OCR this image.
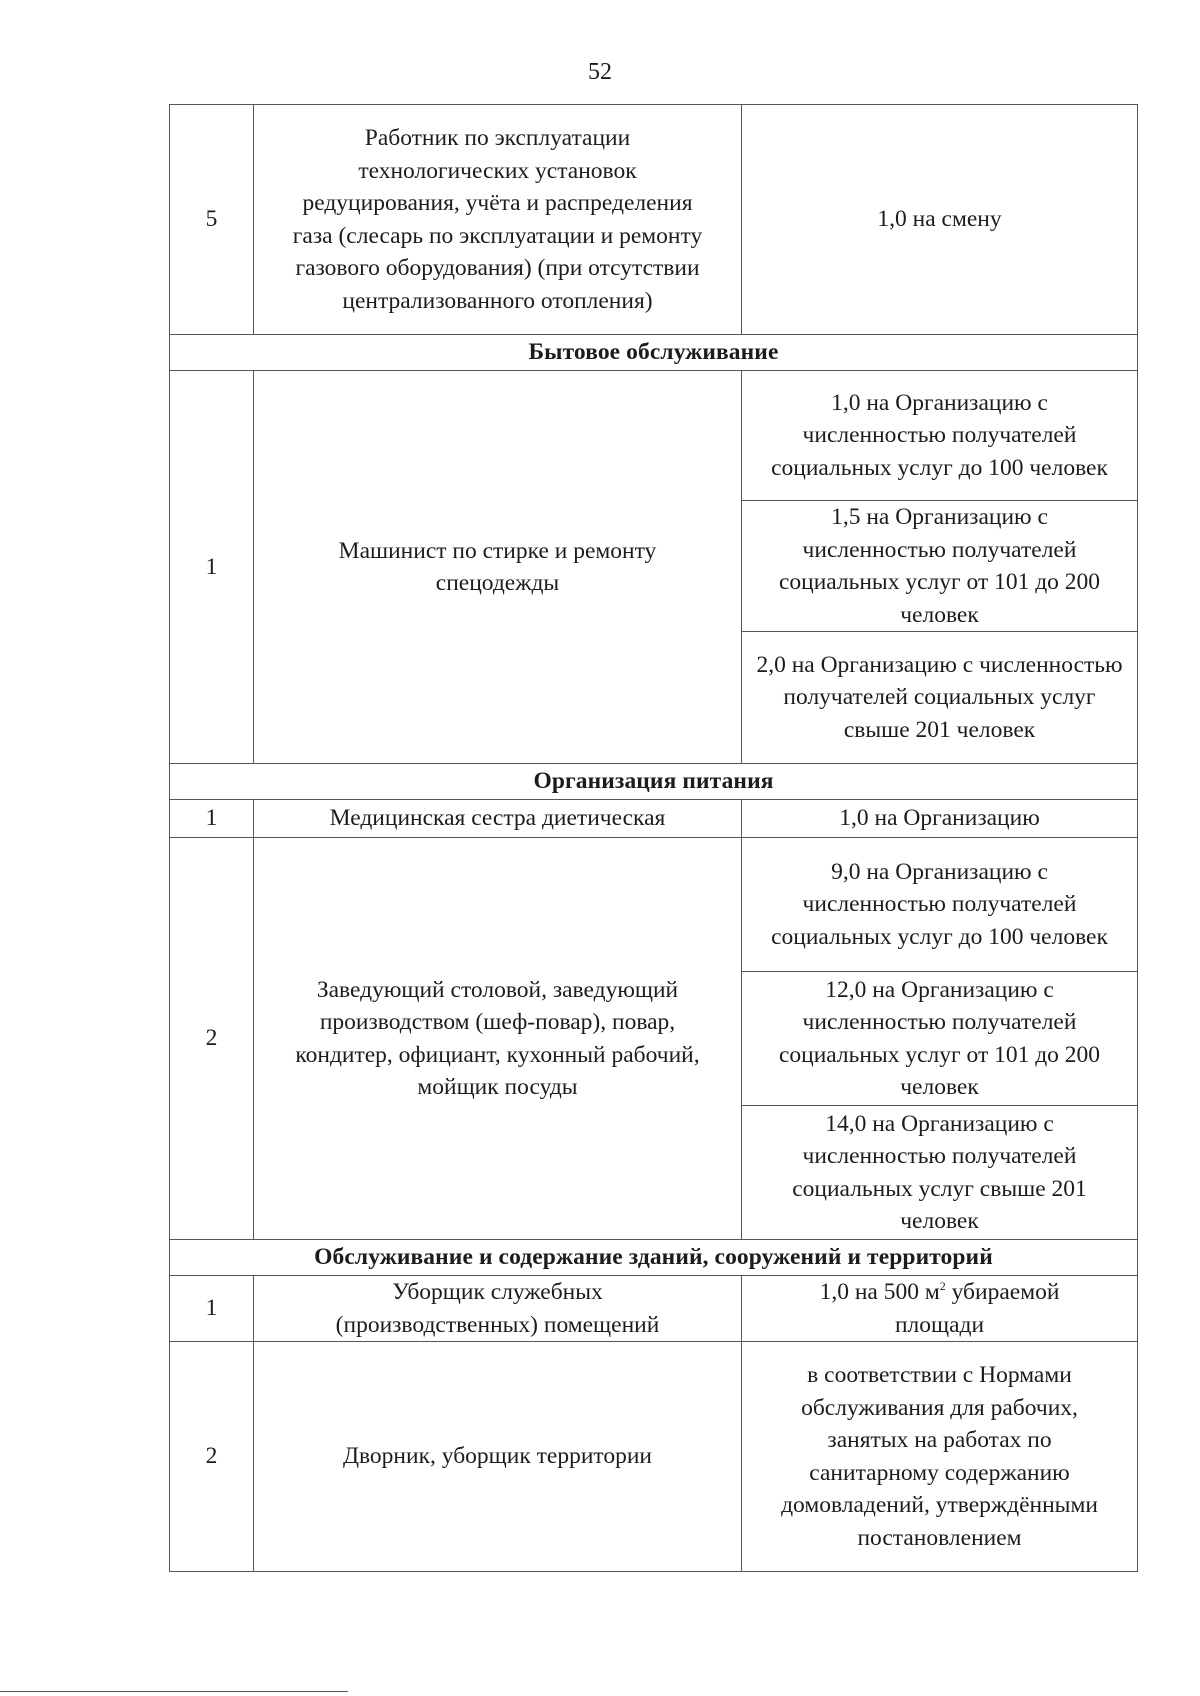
52
5	Работник по эксплуатации технологических установок редуцирования, учёта и распределения газа (слесарь по эксплуатации и ремонту газового оборудования) (при отсутствии централизованного отопления)	1,0 на смену
Бытовое обслуживание		
1	Машинист по стирке и ремонту спецодежды	1,0 на Организацию с численностью получателей социальных услуг до 100 человек
		1,5 на Организацию с численностью получателей социальных услуг от 101 до 200 человек
		2,0 на Организацию с численностью получателей социальных услуг свыше 201 человек
Организация питания		
1	Медицинская сестра диетическая	1,0 на Организацию
2	Заведующий столовой, заведующий производством (шеф-повар), повар, кондитер, официант, кухонный рабочий, мойщик посуды	9,0 на Организацию с численностью получателей социальных услуг до 100 человек
		12,0 на Организацию с численностью получателей социальных услуг от 101 до 200 человек
		14,0 на Организацию с численностью получателей социальных услуг свыше 201 человек
Обслуживание и содержание зданий, сооружений и территорий		
1	Уборщик служебных (производственных) помещений	1,0 на 500 $м^2$ убираемой площади
2	Дворник, уборщик территории	в соответствии с Нормами обслуживания для рабочих, занятых на работах по санитарному содержанию домовладений, утверждёнными постановлением
